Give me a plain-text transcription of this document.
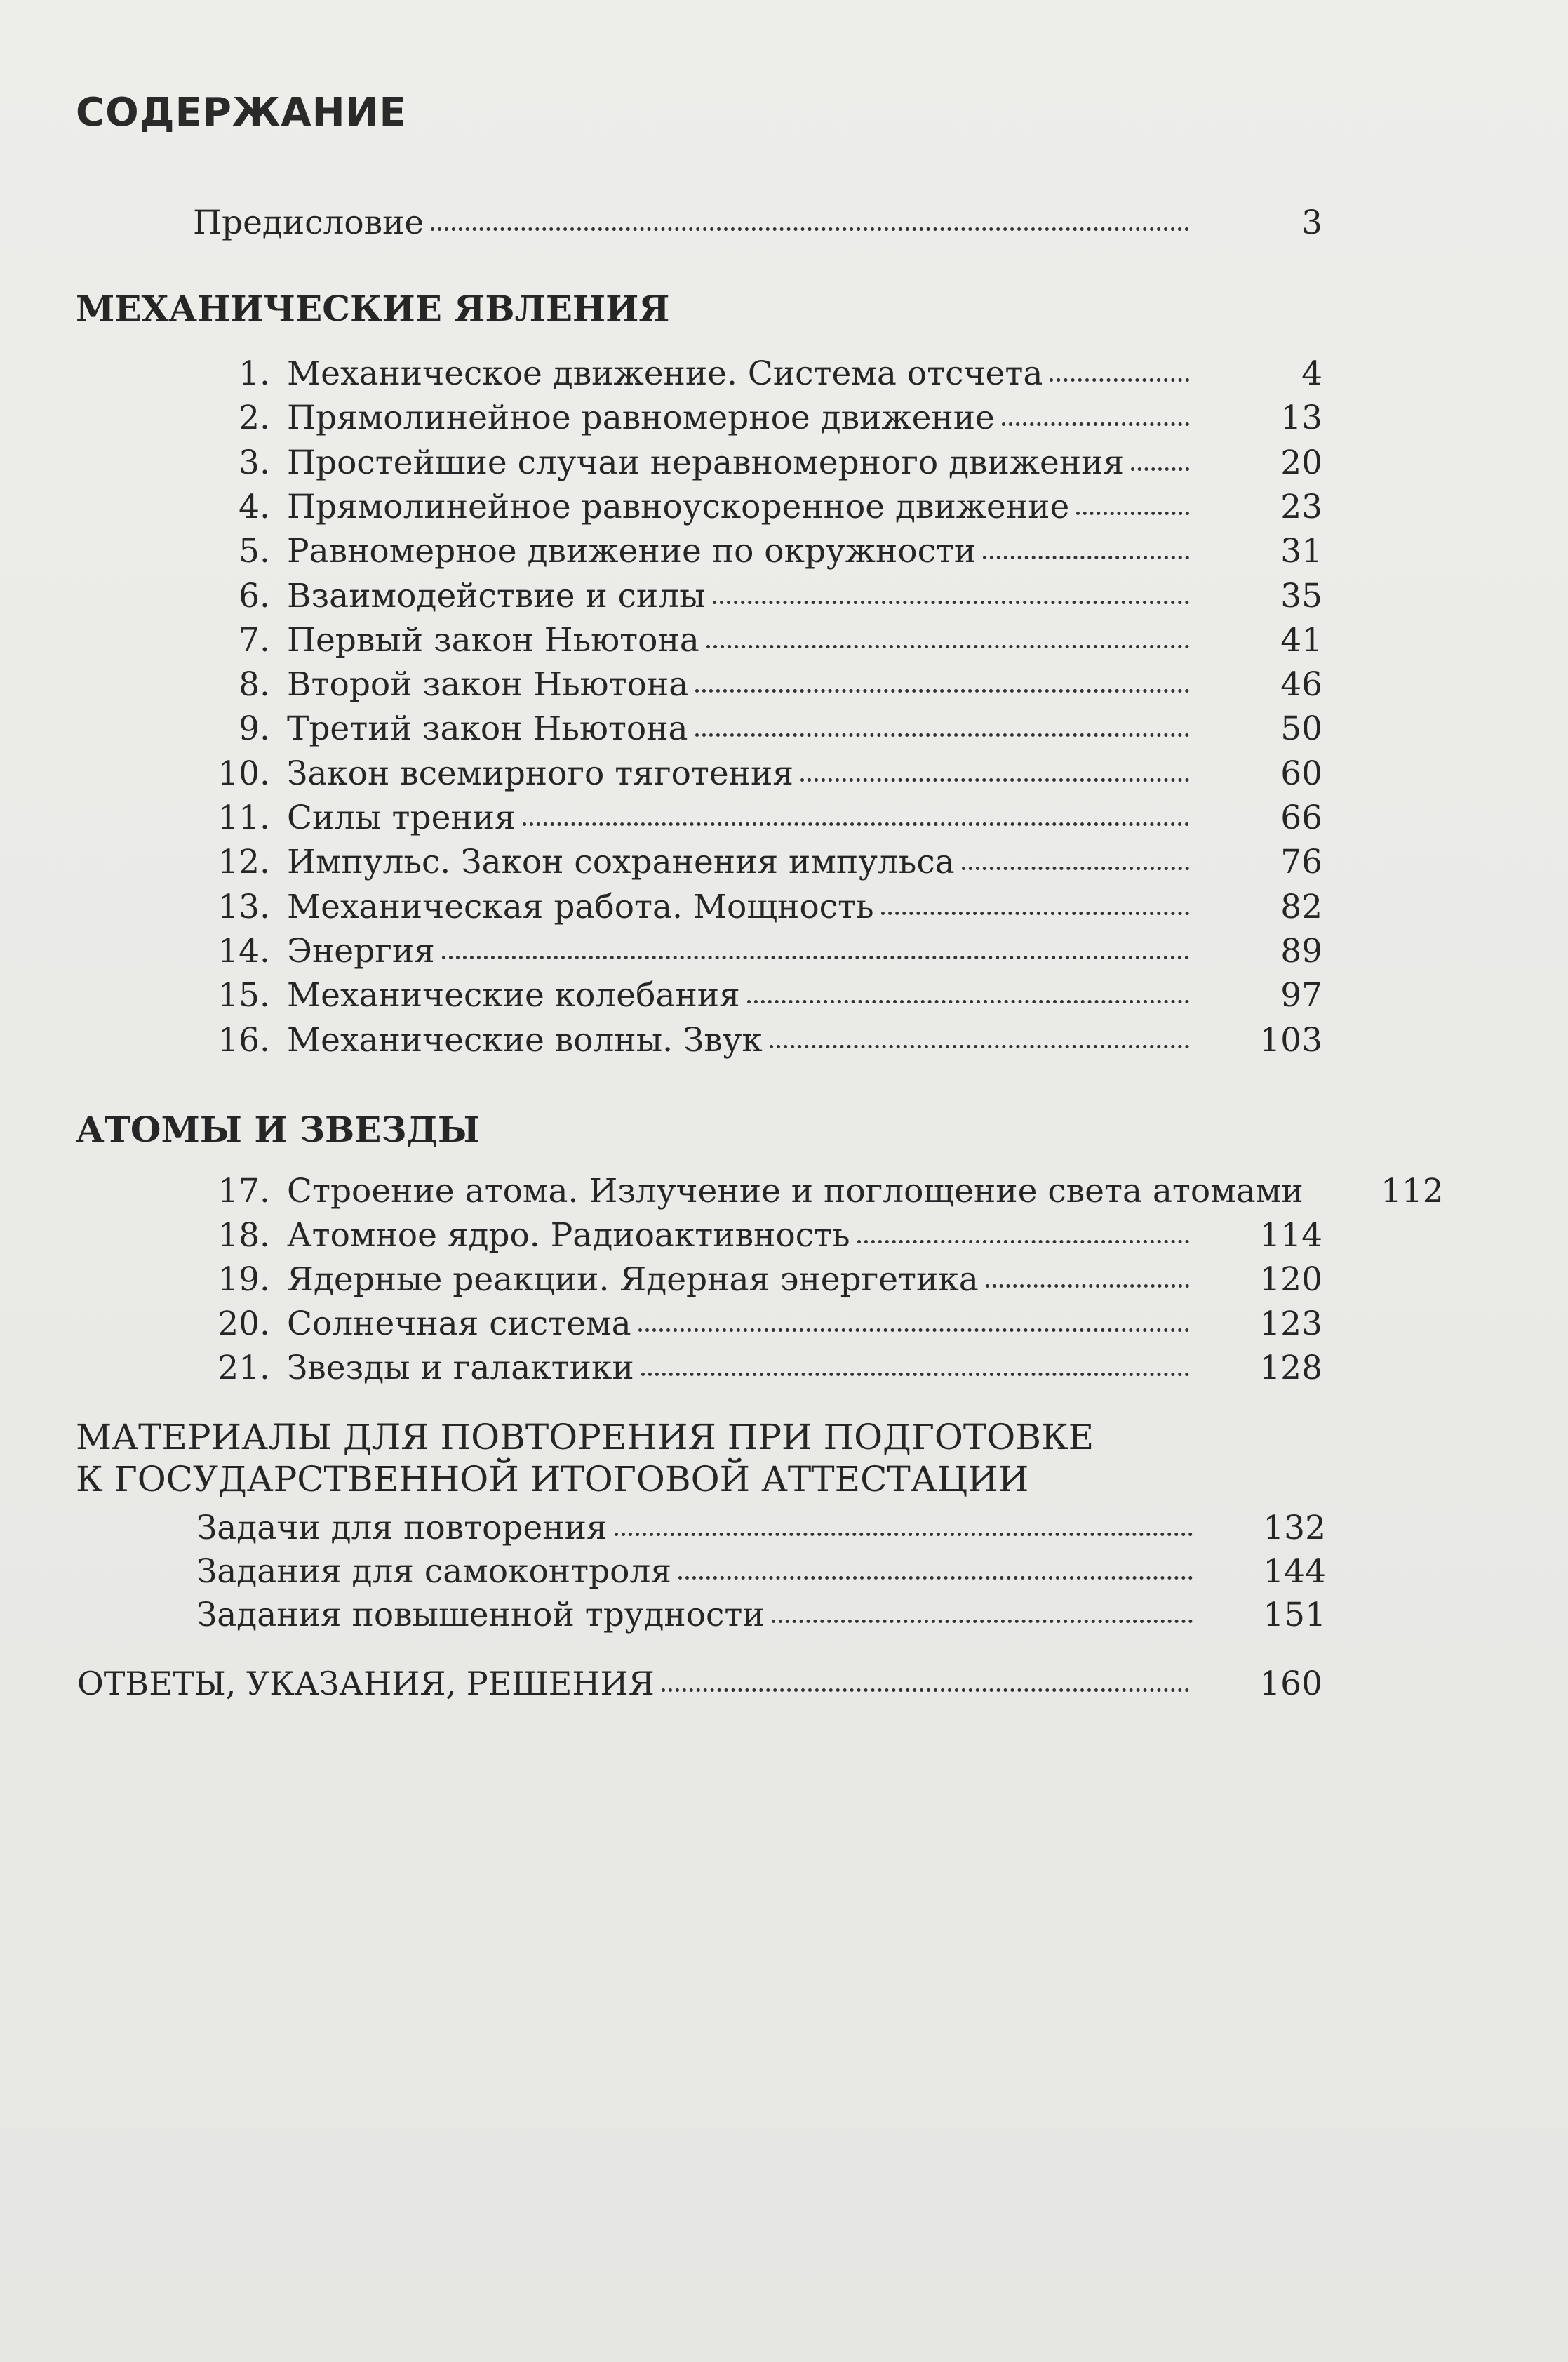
СОДЕРЖАНИЕ
Предисловие	3
МЕХАНИЧЕСКИЕ ЯВЛЕНИЯ
АТОМЫ И ЗВЕЗДЫ
МАТЕРИАЛЫ ДЛЯ ПОВТОРЕНИЯ ПРИ ПОДГОТОВКЕ
К ГОСУДАРСТВЕННОЙ ИТОГОВОЙ АТТЕСТАЦИИ
ОТВЕТЫ, УКАЗАНИЯ, РЕШЕНИЯ	160
1. Механическое движение. Система отсчета	4
2. Прямолинейное равномерное движение	13
3. Простейшие случаи неравномерного движения	20
4. Прямолинейное равноускоренное движение	23
5. Равномерное движение по окружности	31
6. Взаимодействие и силы	35
7. Первый закон Ньютона	41
8. Второй закон Ньютона	46
9. Третий закон Ньютона	50
10. Закон всемирного тяготения	60
11. Силы трения	66
12. Импульс. Закон сохранения импульса	76
13. Механическая работа. Мощность	82
14. Энергия	89
15. Механические колебания	97
16. Механические волны. Звук	103
17. Строение атома. Излучение и поглощение света атомами	112
18. Атомное ядро. Радиоактивность	114
19. Ядерные реакции. Ядерная энергетика	120
20. Солнечная система	123
21. Звезды и галактики	128
Задачи для повторения	132
Задания для самоконтроля	144
Задания повышенной трудности	151
